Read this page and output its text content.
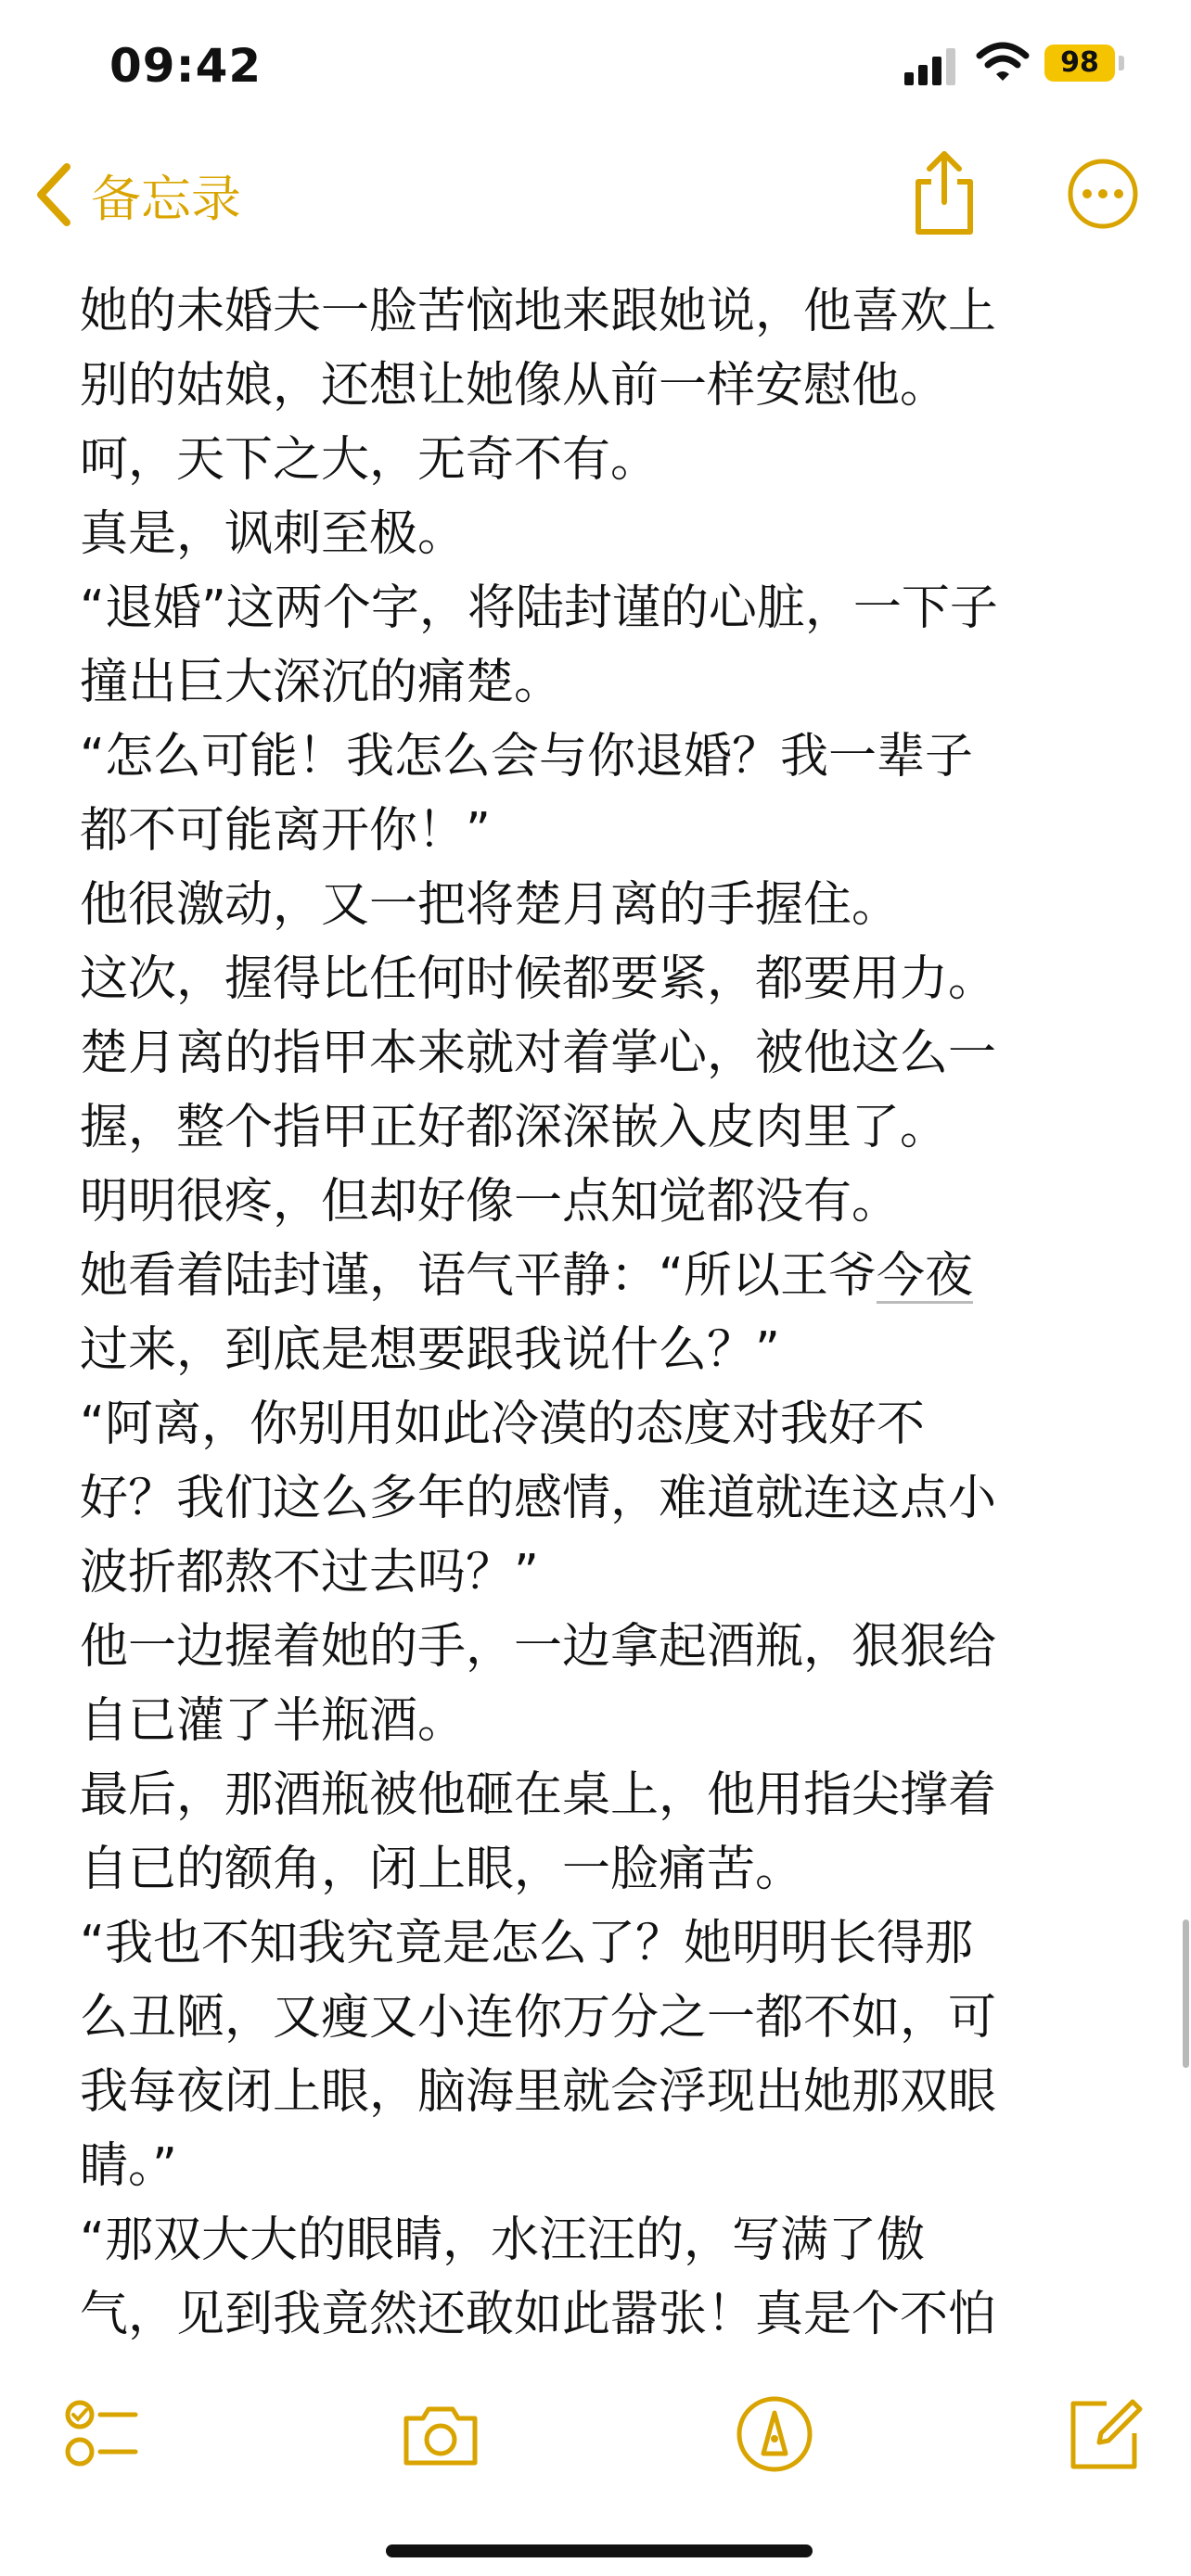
09:42	98
备忘录

她的未婚夫一脸苦恼地来跟她说，他喜欢上

别的姑娘，还想让她像从前一样安慰他。

呵，天下之大，无奇不有。

真是，讽刺至极。

“退婚”这两个字，将陆封谨的心脏，一下子

撞出巨大深沉的痛楚。

“怎么可能！我怎么会与你退婚？我一辈子

都不可能离开你！”

他很激动，又一把将楚月离的手握住。

这次，握得比任何时候都要紧，都要用力。

楚月离的指甲本来就对着掌心，被他这么一

握，整个指甲正好都深深嵌入皮肉里了。

明明很疼，但却好像一点知觉都没有。

她看着陆封谨，语气平静：“所以王爷今夜

过来，到底是想要跟我说什么？”

“阿离，你别用如此冷漠的态度对我好不

好？我们这么多年的感情，难道就连这点小

波折都熬不过去吗？”

他一边握着她的手，一边拿起酒瓶，狠狠给

自已灌了半瓶酒。

最后，那酒瓶被他砸在桌上，他用指尖撑着

自已的额角，闭上眼，一脸痛苦。

“我也不知我究竟是怎么了？她明明长得那

么丑陋，又瘦又小连你万分之一都不如，可

我每夜闭上眼，脑海里就会浮现出她那双眼

睛。”

“那双大大的眼睛，水汪汪的，写满了傲

气，见到我竟然还敢如此嚣张！真是个不怕
